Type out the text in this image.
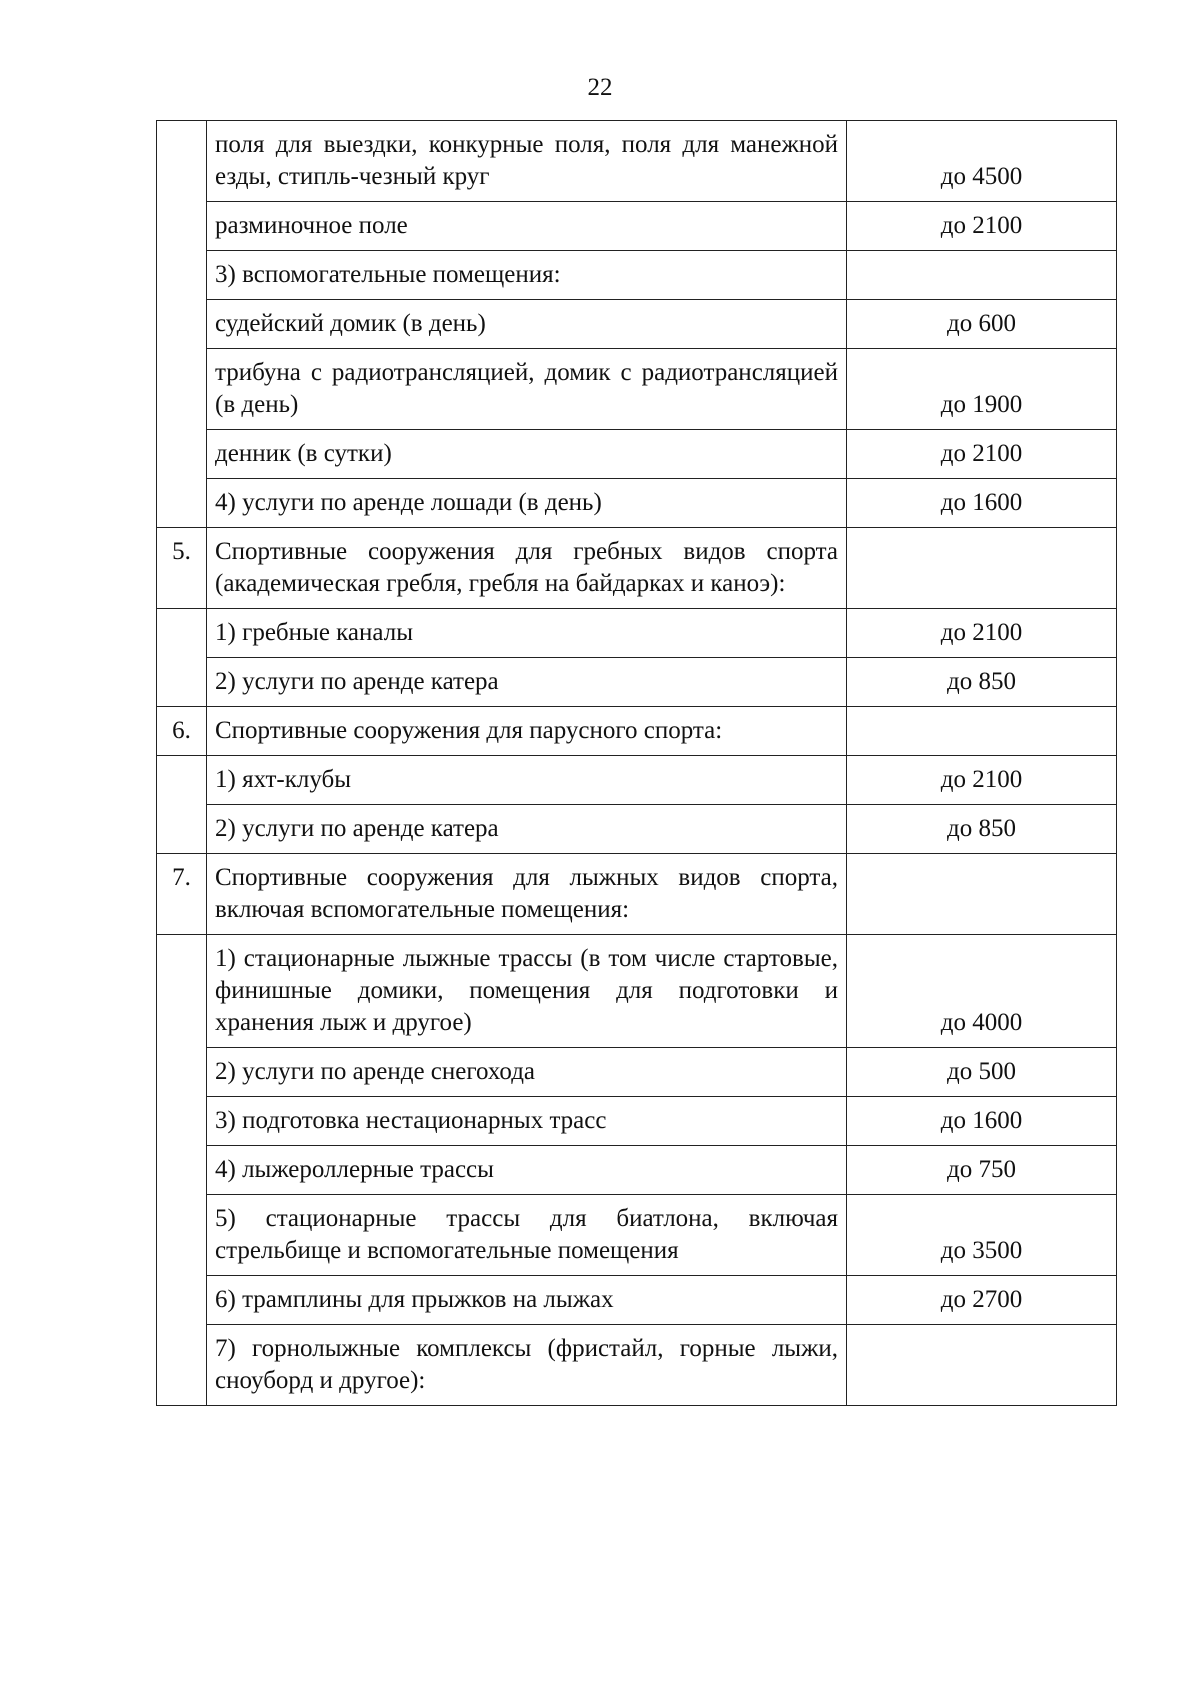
22
	поля для выездки, конкурные поля, поля для манежной езды, стипль-чезный круг	до 4500
	разминочное поле	до 2100
	3) вспомогательные помещения:	
	судейский домик (в день)	до 600
	трибуна с радиотрансляцией, домик с радиотрансляцией (в день)	до 1900
	денник (в сутки)	до 2100
	4) услуги по аренде лошади (в день)	до 1600
5.	Спортивные сооружения для гребных видов спорта (академическая гребля, гребля на байдарках и каноэ):	
	1) гребные каналы	до 2100
	2) услуги по аренде катера	до 850
6.	Спортивные сооружения для парусного спорта:	
	1) яхт-клубы	до 2100
	2) услуги по аренде катера	до 850
7.	Спортивные сооружения для лыжных видов спорта, включая вспомогательные помещения:	
	1) стационарные лыжные трассы (в том числе стартовые, финишные домики, помещения для подготовки и хранения лыж и другое)	до 4000
	2) услуги по аренде снегохода	до 500
	3) подготовка нестационарных трасс	до 1600
	4) лыжероллерные трассы	до 750
	5) стационарные трассы для биатлона, включая стрельбище и вспомогательные помещения	до 3500
	6) трамплины для прыжков на лыжах	до 2700
	7) горнолыжные комплексы (фристайл, горные лыжи, сноуборд и другое):	
